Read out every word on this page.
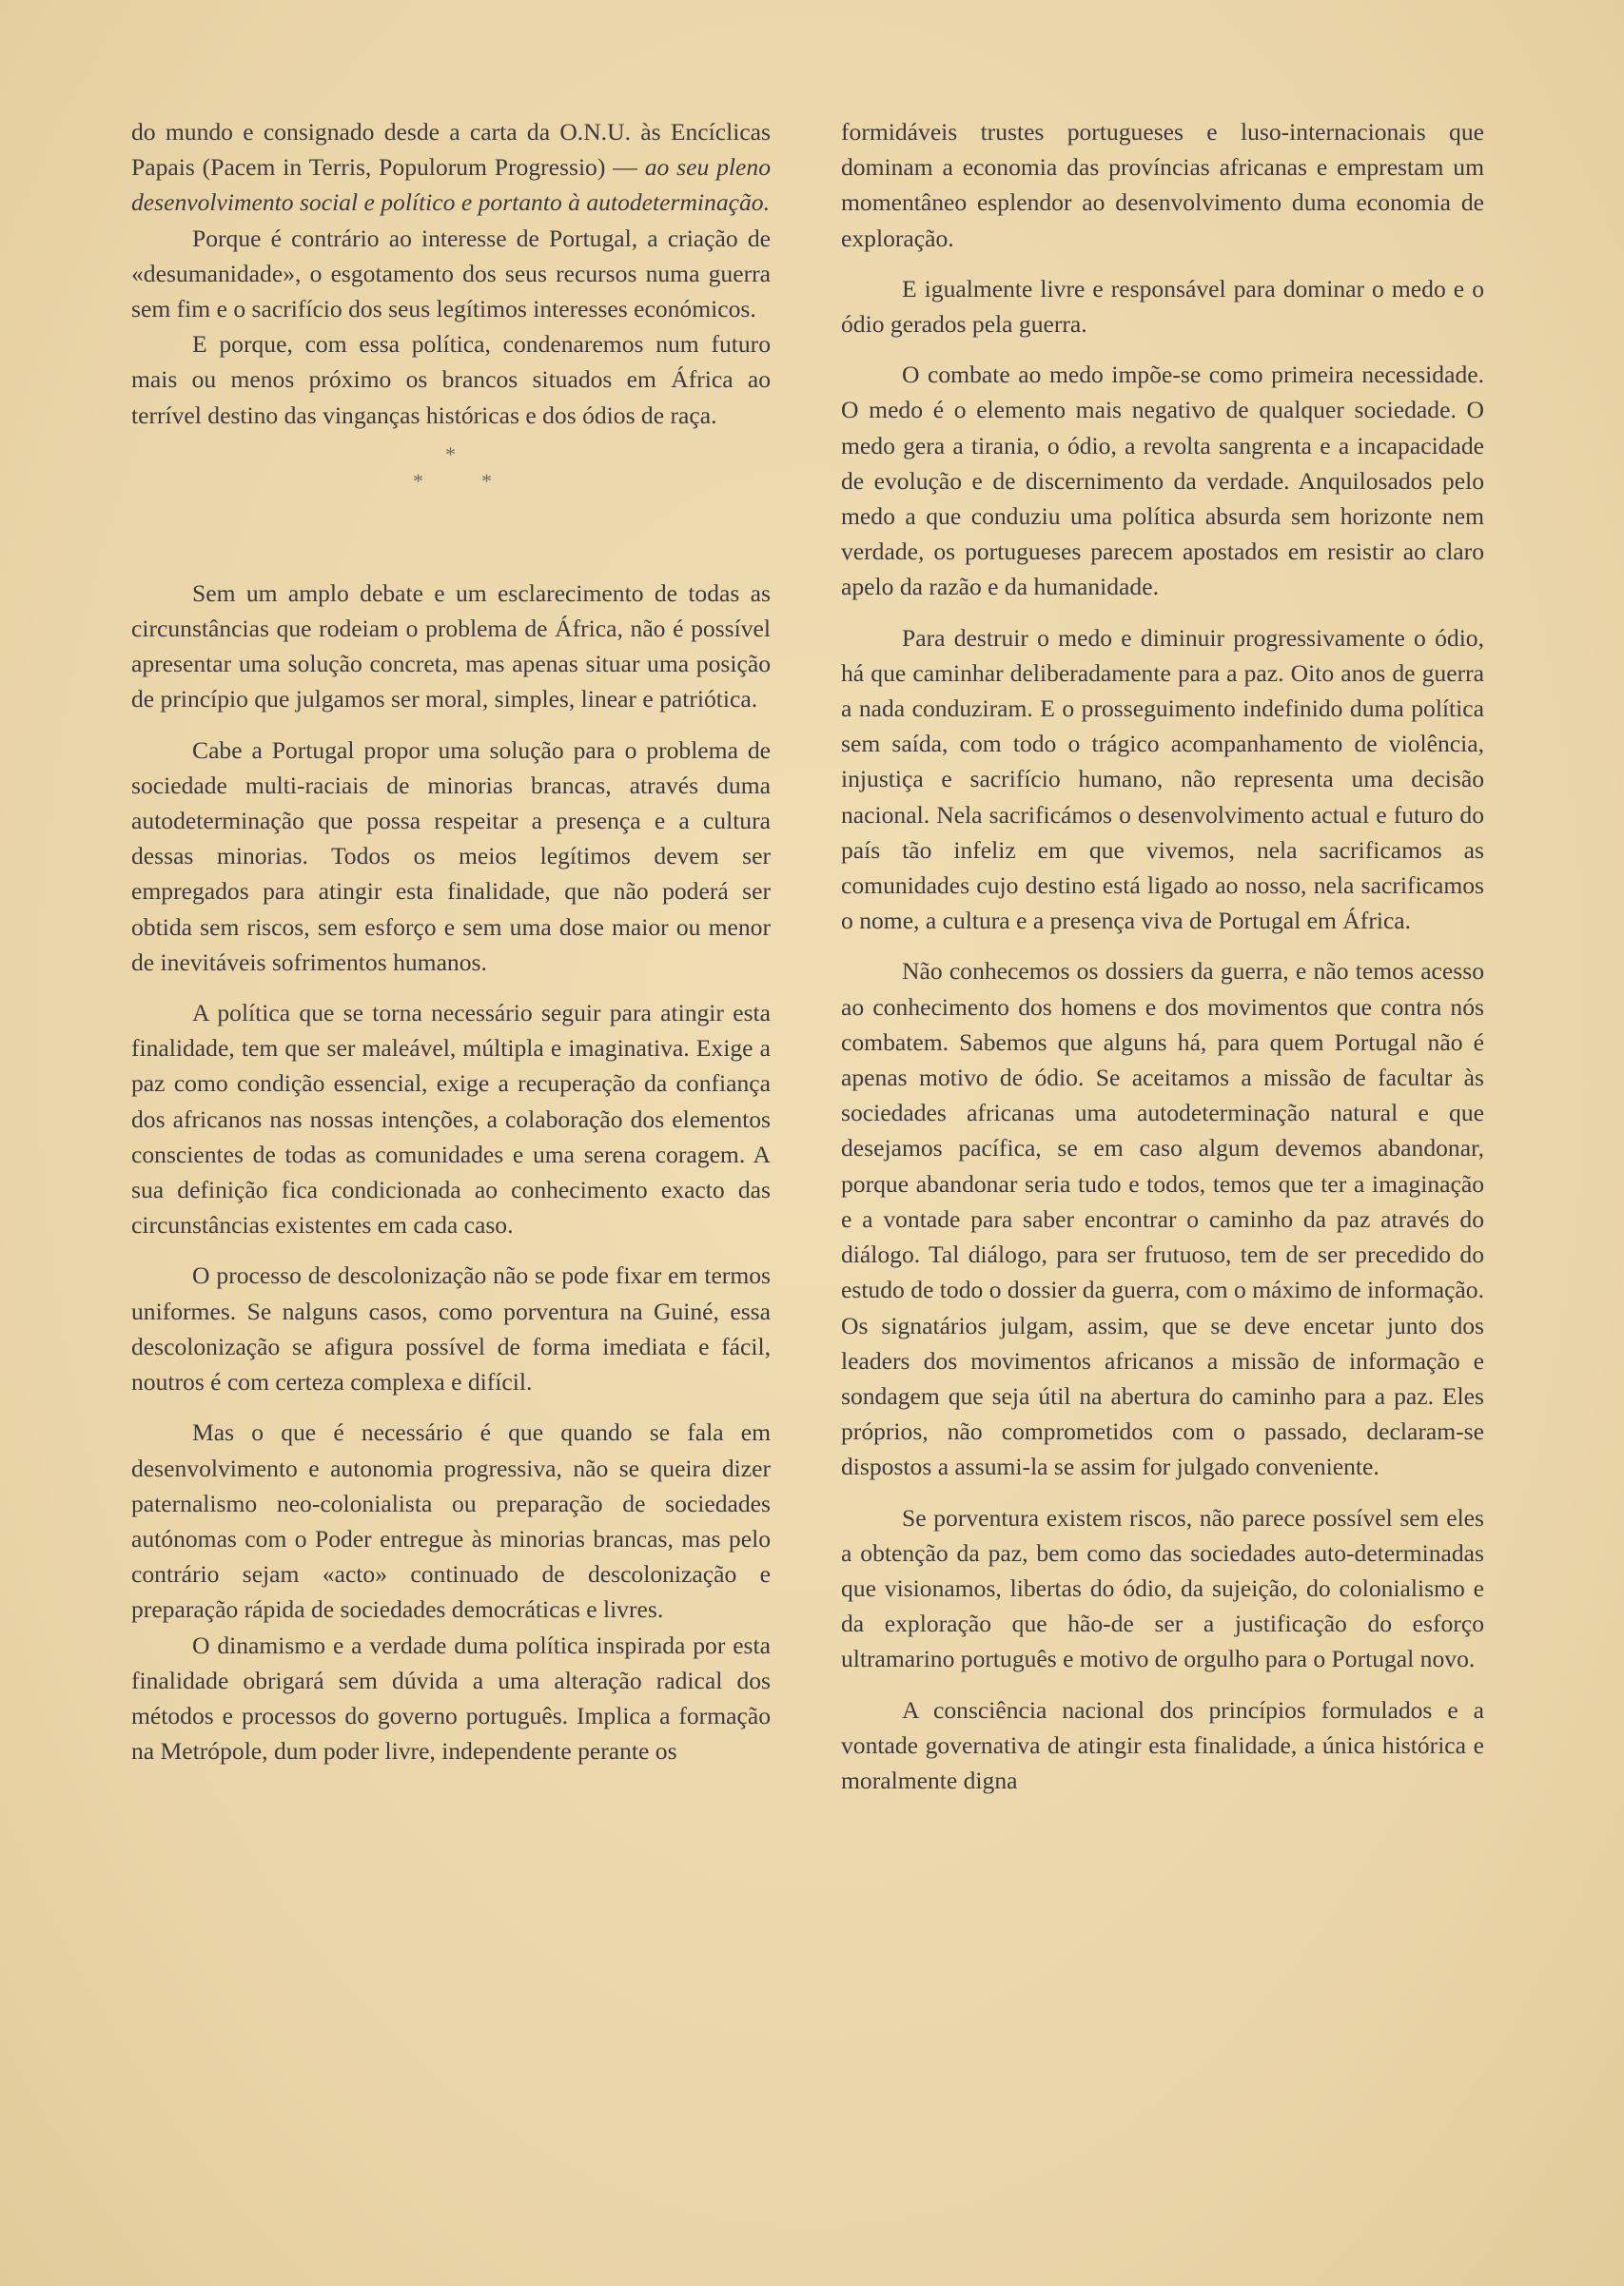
do mundo e consignado desde a carta da O.N.U. às Encíclicas Papais (Pacem in Terris, Populorum Progressio) — ao seu pleno desenvolvimento social e político e portanto à autodeterminação.

Porque é contrário ao interesse de Portugal, a criação de «desumanidade», o esgotamento dos seus recursos numa guerra sem fim e o sacrifício dos seus legítimos interesses económicos.

E porque, com essa política, condenaremos num futuro mais ou menos próximo os brancos situados em África ao terrível destino das vinganças históricas e dos ódios de raça.

*
*	*

Sem um amplo debate e um esclarecimento de todas as circunstâncias que rodeiam o problema de África, não é possível apresentar uma solução concreta, mas apenas situar uma posição de princípio que julgamos ser moral, simples, linear e patriótica.

Cabe a Portugal propor uma solução para o problema de sociedade multi-raciais de minorias brancas, através duma autodeterminação que possa respeitar a presença e a cultura dessas minorias. Todos os meios legítimos devem ser empregados para atingir esta finalidade, que não poderá ser obtida sem riscos, sem esforço e sem uma dose maior ou menor de inevitáveis sofrimentos humanos.

A política que se torna necessário seguir para atingir esta finalidade, tem que ser maleável, múltipla e imaginativa. Exige a paz como condição essencial, exige a recuperação da confiança dos africanos nas nossas intenções, a colaboração dos elementos conscientes de todas as comunidades e uma serena coragem. A sua definição fica condicionada ao conhecimento exacto das circunstâncias existentes em cada caso.

O processo de descolonização não se pode fixar em termos uniformes. Se nalguns casos, como porventura na Guiné, essa descolonização se afigura possível de forma imediata e fácil, noutros é com certeza complexa e difícil.

Mas o que é necessário é que quando se fala em desenvolvimento e autonomia progressiva, não se queira dizer paternalismo neo-colonialista ou preparação de sociedades autónomas com o Poder entregue às minorias brancas, mas pelo contrário sejam «acto» continuado de descolonização e preparação rápida de sociedades democráticas e livres.

O dinamismo e a verdade duma política inspirada por esta finalidade obrigará sem dúvida a uma alteração radical dos métodos e processos do governo português. Implica a formação na Metrópole, dum poder livre, independente perante os

formidáveis trustes portugueses e luso-internacionais que dominam a economia das províncias africanas e emprestam um momentâneo esplendor ao desenvolvimento duma economia de exploração.

E igualmente livre e responsável para dominar o medo e o ódio gerados pela guerra.

O combate ao medo impõe-se como primeira necessidade. O medo é o elemento mais negativo de qualquer sociedade. O medo gera a tirania, o ódio, a revolta sangrenta e a incapacidade de evolução e de discernimento da verdade. Anquilosados pelo medo a que conduziu uma política absurda sem horizonte nem verdade, os portugueses parecem apostados em resistir ao claro apelo da razão e da humanidade.

Para destruir o medo e diminuir progressivamente o ódio, há que caminhar deliberadamente para a paz. Oito anos de guerra a nada conduziram. E o prosseguimento indefinido duma política sem saída, com todo o trágico acompanhamento de violência, injustiça e sacrifício humano, não representa uma decisão nacional. Nela sacrificámos o desenvolvimento actual e futuro do país tão infeliz em que vivemos, nela sacrificamos as comunidades cujo destino está ligado ao nosso, nela sacrificamos o nome, a cultura e a presença viva de Portugal em África.

Não conhecemos os dossiers da guerra, e não temos acesso ao conhecimento dos homens e dos movimentos que contra nós combatem. Sabemos que alguns há, para quem Portugal não é apenas motivo de ódio. Se aceitamos a missão de facultar às sociedades africanas uma autodeterminação natural e que desejamos pacífica, se em caso algum devemos abandonar, porque abandonar seria tudo e todos, temos que ter a imaginação e a vontade para saber encontrar o caminho da paz através do diálogo. Tal diálogo, para ser frutuoso, tem de ser precedido do estudo de todo o dossier da guerra, com o máximo de informação. Os signatários julgam, assim, que se deve encetar junto dos leaders dos movimentos africanos a missão de informação e sondagem que seja útil na abertura do caminho para a paz. Eles próprios, não comprometidos com o passado, declaram-se dispostos a assumi-la se assim for julgado conveniente.

Se porventura existem riscos, não parece possível sem eles a obtenção da paz, bem como das sociedades auto-determinadas que visionamos, libertas do ódio, da sujeição, do colonialismo e da exploração que hão-de ser a justificação do esforço ultramarino português e motivo de orgulho para o Portugal novo.

A consciência nacional dos princípios formulados e a vontade governativa de atingir esta finalidade, a única histórica e moralmente digna
